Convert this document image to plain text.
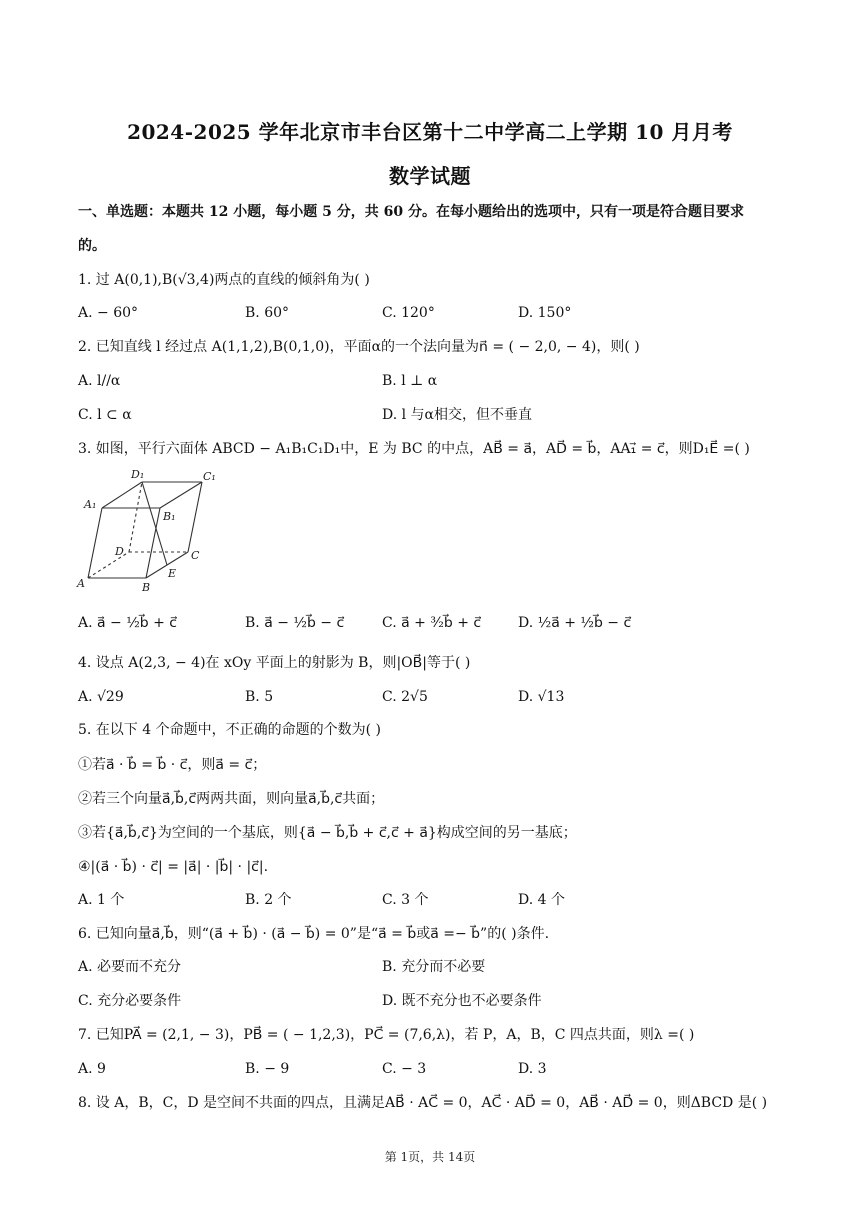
2024-2025 学年北京市丰台区第十二中学高二上学期 10 月月考
数学试题
一、单选题：本题共 12 小题，每小题 5 分，共 60 分。在每小题给出的选项中，只有一项是符合题目要求
的。
1. 过 A(0,1),B(√3,4)两点的直线的倾斜角为( )
A. − 60°	B. 60°	C. 120°	D. 150°
2. 已知直线 l 经过点 A(1,1,2),B(0,1,0)，平面α的一个法向量为n⃗ = ( − 2,0, − 4)，则( )
A. l//α	B. l ⊥ α
C. l ⊂ α	D. l 与α相交，但不垂直
3. 如图，平行六面体 ABCD − A₁B₁C₁D₁中，E 为 BC 的中点，AB⃗ = a⃗，AD⃗ = b⃗，AA₁⃗ = c⃗，则D₁E⃗ =( )
A	B
C
D
E
A₁
B₁
C₁
D₁
A. a⃗ − ½b⃗ + c⃗	B. a⃗ − ½b⃗ − c⃗	C. a⃗ + ³⁄₂b⃗ + c⃗	D. ½a⃗ + ½b⃗ − c⃗
4. 设点 A(2,3, − 4)在 xOy 平面上的射影为 B，则|OB⃗|等于( )
A. √29	B. 5	C. 2√5	D. √13
5. 在以下 4 个命题中，不正确的命题的个数为( )
①若a⃗ · b⃗ = b⃗ · c⃗，则a⃗ = c⃗；
②若三个向量a⃗,b⃗,c⃗两两共面，则向量a⃗,b⃗,c⃗共面；
③若{a⃗,b⃗,c⃗}为空间的一个基底，则{a⃗ − b⃗,b⃗ + c⃗,c⃗ + a⃗}构成空间的另一基底；
④|(a⃗ · b⃗) · c⃗| = |a⃗| · |b⃗| · |c⃗|.
A. 1 个	B. 2 个	C. 3 个	D. 4 个
6. 已知向量a⃗,b⃗，则“(a⃗ + b⃗) · (a⃗ − b⃗) = 0”是“a⃗ = b⃗或a⃗ =− b⃗”的( )条件.
A. 必要而不充分	B. 充分而不必要
C. 充分必要条件	D. 既不充分也不必要条件
7. 已知PA⃗ = (2,1, − 3)，PB⃗ = ( − 1,2,3)，PC⃗ = (7,6,λ)，若 P，A，B，C 四点共面，则λ =( )
A. 9	B. − 9	C. − 3	D. 3
8. 设 A，B，C，D 是空间不共面的四点，且满足AB⃗ · AC⃗ = 0，AC⃗ · AD⃗ = 0，AB⃗ · AD⃗ = 0，则ΔBCD 是( )
第 1页，共 14页
